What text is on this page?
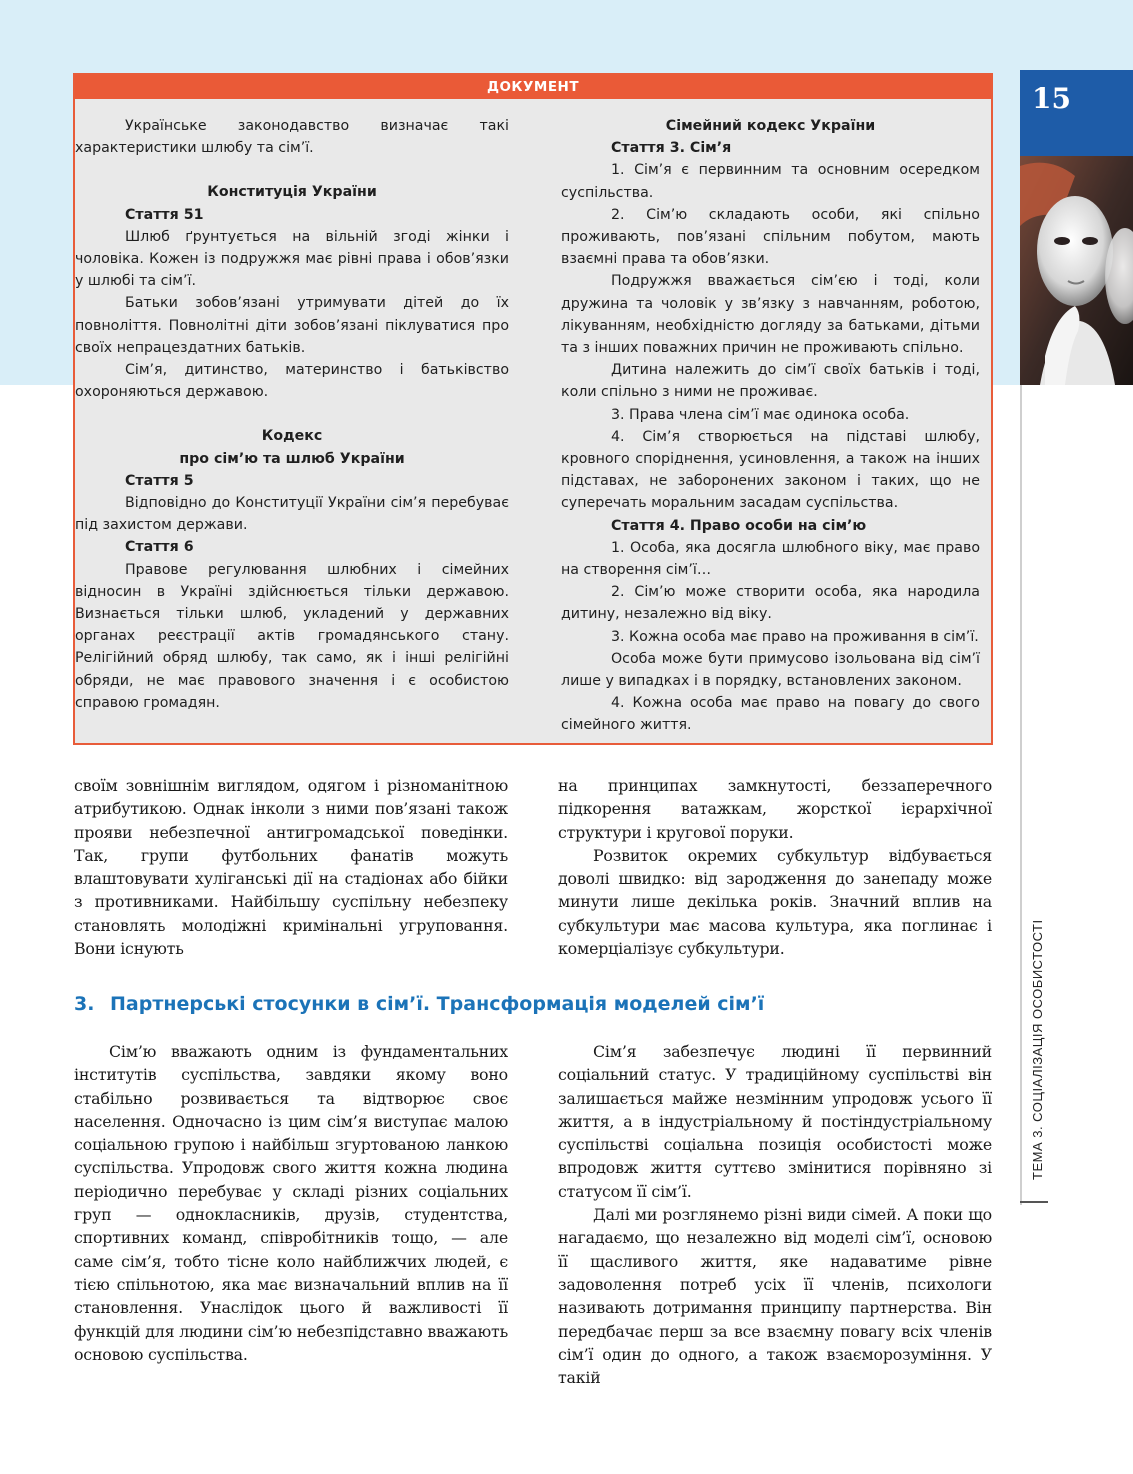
15
ТЕМА 3. СОЦІАЛІЗАЦІЯ ОСОБИСТОСТІ
ДОКУМЕНТ

Українське законодавство визначає такі характеристики шлюбу та сім’ї.

Конституція України

Стаття 51

Шлюб ґрунтується на вільній згоді жінки і чоловіка. Кожен із подружжя має рівні права і обов’язки у шлюбі та сім’ї.

Батьки зобов’язані утримувати дітей до їх повноліття. Повнолітні діти зобов’язані піклуватися про своїх непрацездатних батьків.

Сім’я, дитинство, материнство і батьківство охороняються державою.

Кодекс

про сім’ю та шлюб України

Стаття 5

Відповідно до Конституції України сім’я перебуває під захистом держави.

Стаття 6

Правове регулювання шлюбних і сімейних відносин в Україні здійснюється тільки державою. Визнається тільки шлюб, укладений у державних органах реєстрації актів громадянського стану. Релігійний обряд шлюбу, так само, як і інші релігійні обряди, не має правового значення і є особистою справою громадян.

Сімейний кодекс України

Стаття 3. Сім’я

1. Сім’я є первинним та основним осередком суспільства.

2. Сім’ю складають особи, які спільно проживають, пов’язані спільним побутом, мають взаємні права та обов’язки.

Подружжя вважається сім’єю і тоді, коли дружина та чоловік у зв’язку з навчанням, роботою, лікуванням, необхідністю догляду за батьками, дітьми та з інших поважних причин не проживають спільно.

Дитина належить до сім’ї своїх батьків і тоді, коли спільно з ними не проживає.

3. Права члена сім’ї має одинока особа.

4. Сім’я створюється на підставі шлюбу, кровного споріднення, усиновлення, а також на інших підставах, не заборонених законом і таких, що не суперечать моральним засадам суспільства.

Стаття 4. Право особи на сім’ю

1. Особа, яка досягла шлюбного віку, має право на створення сім’ї…

2. Сім’ю може створити особа, яка народила дитину, незалежно від віку.

3. Кожна особа має право на проживання в сім’ї.

Особа може бути примусово ізольована від сім’ї лише у випадках і в порядку, встановлених законом.

4. Кожна особа має право на повагу до свого сімейного життя.

своїм зовнішнім виглядом, одягом і різноманітною атрибутикою. Однак інколи з ними пов’язані також прояви небезпечної антигромадської поведінки. Так, групи футбольних фанатів можуть влаштовувати хуліганські дії на стадіонах або бійки з противниками. Найбільшу суспільну небезпеку становлять молодіжні кримінальні угруповання. Вони існують

на принципах замкнутості, беззаперечного підкорення ватажкам, жорсткої ієрархічної структури і кругової поруки.

Розвиток окремих субкультур відбувається доволі швидко: від зародження до занепаду може минути лише декілька років. Значний вплив на субкультури має масова культура, яка поглинає і комерціалізує субкультури.

3. Партнерські стосунки в сім’ї. Трансформація моделей сім’ї

Сім’ю вважають одним із фундаментальних інститутів суспільства, завдяки якому воно стабільно розвивається та відтворює своє населення. Одночасно із цим сім’я виступає малою соціальною групою і найбільш згуртованою ланкою суспільства. Упродовж свого життя кожна людина періодично перебуває у складі різних соціальних груп — однокласників, друзів, студентства, спортивних команд, співробітників тощо, — але саме сім’я, тобто тісне коло найближчих людей, є тією спільнотою, яка має визначальний вплив на її становлення. Унаслідок цього й важливості її функцій для людини сім’ю небезпідставно вважають основою суспільства.

Сім’я забезпечує людині її первинний соціальний статус. У традиційному суспільстві він залишається майже незмінним упродовж усього її життя, а в індустріальному й постіндустріальному суспільстві соціальна позиція особистості може впродовж життя суттєво змінитися порівняно зі статусом її сім’ї.

Далі ми розглянемо різні види сімей. А поки що нагадаємо, що незалежно від моделі сім’ї, основою її щасливого життя, яке надаватиме рівне задоволення потреб усіх її членів, психологи називають дотримання принципу партнерства. Він передбачає перш за все взаємну повагу всіх членів сім’ї один до одного, а також взаєморозуміння. У такій
